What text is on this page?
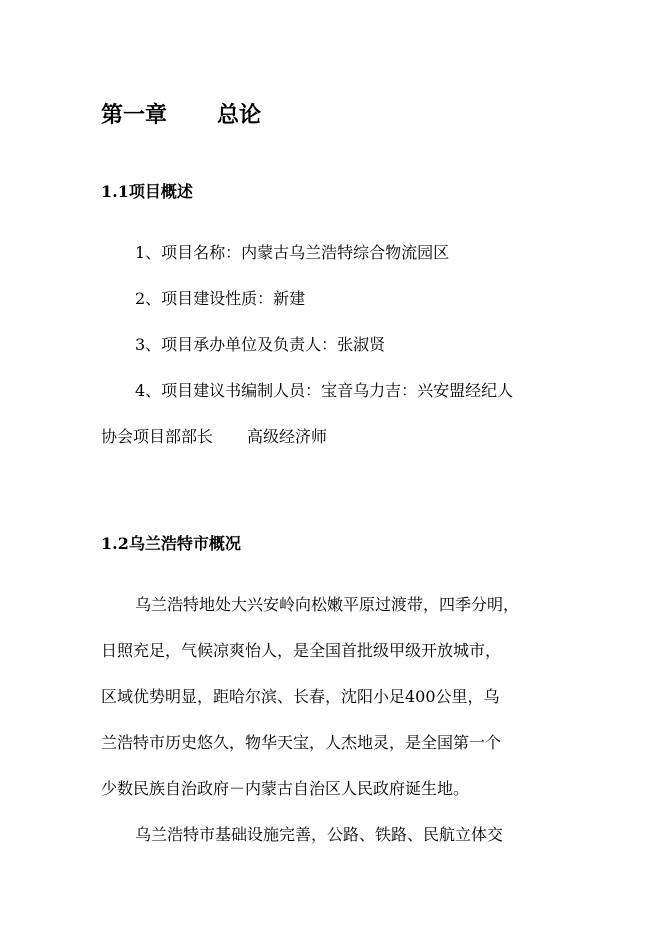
第一章 总论
1.1项目概述
1、项目名称：内蒙古乌兰浩特综合物流园区
2、项目建设性质：新建
3、项目承办单位及负责人：张淑贤
4、项目建议书编制人员：宝音乌力吉：兴安盟经纪人
协会项目部部长 高级经济师
1.2乌兰浩特市概况
乌兰浩特地处大兴安岭向松嫩平原过渡带，四季分明，
日照充足，气候凉爽怡人，是全国首批级甲级开放城市，
区域优势明显，距哈尔滨、长春，沈阳小足400公里，乌
兰浩特市历史悠久，物华天宝，人杰地灵，是全国第一个
少数民族自治政府－内蒙古自治区人民政府诞生地。
乌兰浩特市基础设施完善，公路、铁路、民航立体交
